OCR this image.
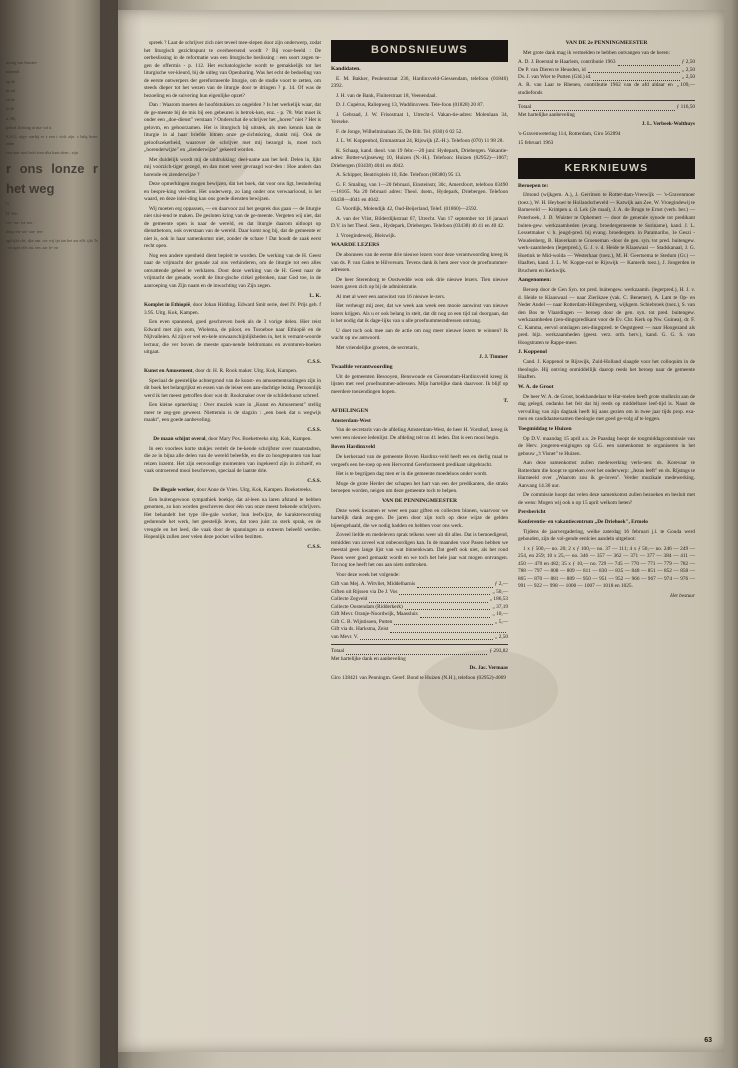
nestig van Amster-

ulanend

op de

in zal

en de

in de

n. Hij

gehad. lichting al ma- taf it.

K.S.G. afge- narbij er s een t vick zijn. s belg bren- onde

een aan- niet heid eten rika kant eken ; zijn

r ons lonze r het weg

G

H. Wa-

ver- sur- tot ten :

ding ren- uit- aar- ien-

agd ijks cht, ijke om. cor wij ijn ian het aar elft. ijkt Te ; en igen elfs las. ien. aar le- en

spreek ? Laat de schrijver zich niet teveel mee-slepen door zijn onderwerp, zodat het liturgisch gezichtspunt te overheersend wordt ? Bij voor-beeld : De oerbeslissing in de reformatie was een liturgische beslissing : een soort zegen te-gen de offermis - p. 112. Het eschatologische wordt te gemakkelijk tot het liturgische ver-kleurd, bij de uitleg van Openbaring. Was het echt de bedoeling van de eerste ontwerpers der gereformeerde liturgie, om de studie voort te zetten, om steeds dieper tot het wezen van de liturgie door te dringen ? p. 14. Of was de bezoeling en de suivering hun eigenlijke opzet?

Dan : Waarom moeten de hoofdstukken zo ongelden ? Is het werkelijk waar, dat de ge-meente bij de mis bij een gebeuren is betrok-ken, enz. - p. 78. Wat moet ik onder een „doe-dienst" verstaan ? Onderschat de schrijver het „horen" niet ? Het is gelovm, en gehoorzamen. Het is liturgisch bij uitstek, als men kennis kan de liturgie in al haar briefde bitnen onze ge-zichtskring, dunkt mij. Ook de geloofszekerheid, waarover de schrijver met mij bezorgd is, moet toch „horenderwijze" en „zienderwijze" gekeerd worden.

Met duidelijk wordt mij de uitdrukking: deel-name aan het heil. Delen in, lijkt mij voorzich-tiger gezegd, en dan moet weer gevraagd wor-den : Hoe anders dan horende en zienderwijze ?

Deze opmerkingen mogen bewijzen, dat het boek, dat voor ons ligt, bestudering en bespre-king verdient. Het onderwerp, zo lang onder ons verwaarloosd, is het waard, en deze inlei-ding kan ons goede diensten bewijzen.

Wij moeten erg oppassen, — en daarvoor zal het gesprek dus gaan — de liturgie niet slui-tend te maken. De gesloten kring van de ge-meente. Vergeten wij niet, dat de gemeente open is naar de wereld, en dat liturgie daarom uitloopt op dienstbetoon, ook overstaan van de wereld. Daar komt nog bij, dat de gemeente er niet is, ook in haar samenkomst niet, zonder de schare ! Dat houdt de zaak eerst recht open.

Nog een andere openheid dient bepleit te worden. De werking van de H. Geest naar de vrijmacht der genade zal ons verhinderen, om de liturgie tot een alles omvattende geheel te verklaren. Door deze werking van de H. Geest naar de vrijmacht der genade, wordt de litur-gische cirkel gebroken, naar God toe, in de aanroeping van Zijn naam en de inwachting van Zijn zegen.

L. K.

Komplet in Ethiopië, door Johan Hidding. Edward Smit serie, deel IV. Prijs geb. f 3.95. Uitg. Kok, Kampen.

Een even spannend, goed geschreven boek als de 3 vorige delen. Hier reist Edward met zijn oom, Wielema, de piloot, en Turoeboe naar Ethiopië en de Nijlvalleien. Al zijn er wel en-kele onwaarschijnlijkheden in, het is vernant-woorde lectuur, die ver boven de meeste span-nende beldromans en avonturen-boeken uitgaat.

C.S.S.

Kunst en Amusement, door dr. H. R. Rook maker. Uitg. Kok, Kampen.

Speciaal de geestelijke achtergrond van de kunst- en amusementsuitingen zijn in dit boek het belangrijkst en essen van de leiser een aan-dachtige lezing. Persoonlijk werd ik het meest getroffen door wat dr. Rookmaker over de schilderkunst schreef.

Een kleine opmerking : Over muziek ware in „Kunst en Amusement" stellig meer te zeg-gen geweest. Niettemin is de slagzin : „een boek dat u wegwijs maakt", een goede aanbeveling.

C.S.S.

De maan schijnt overal, door Mary Pos. Boeketreeks uitg. Kok, Kampen.

In een voorlees korte stukjes vertelt de be-kende schrijfster over maanstadten, die ze in bijna alle delen van de wereld beleefde, en die zo hoogtepunten van haar reizen inzemt. Het zijn eenvoudige momenten van ingekeerd zijn in zichzelf, en vaak ontroerend mooi beschreven, speciaal de laatste drie.

C.S.S.

De illegale werker, door Anne de Vries. Uitg. Kok, Kampen. Boeketreeks.

Een buitengewoon sympathiek boekje, dat al-leen na laren afstand te hebben genomen, zo kon worden geschreven door één van onze meest bekende schrijvers. Het behandelt het type ille-gale worker, hun leefwijze, de karakterworsting gedurende het werk, het geestelijk leven, dat toen juist zo sterk sprak, en de vreugde en het leed, die vaak door de spanningen zo extreem beleefd werden. Hopenlijk zullen zeer velen deze pocket willen bezitten.

C.S.S.

BONDSNIEUWS

Kandidaten.

E. M. Bakker, Peulenstraat 236, Hardinxveld-Giessendam, telefoon (01846) 2392.

J. H. van de Bank, Fluiterstraat 18, Veenendaal.

D. J. Cupérus, Raliepweg 13, Waddinxveen. Tele-foon (01828) 20 87.

J. Gebraad, J. W. Frisostraat 1, Utrecht-I. Vakan-tie-adres: Molenlaan 34, Yerseke.

F. de Jonge, Wilhelminalaan 35, De Bilt. Tel. (030) 6 02 52.

J. L. W. Koppenhol, Emmastraat 24, Rijswijk (Z.-H.). Telefoon (070) 11 98 28.

K. Schaap, kand. theol. van 19 febr.—20 juni: Hydepark, Driebergen. Vakantie-adres: Botter-wijnseweg 10, Huizen (N.-H.). Telefoon: Huizen (02952)—1067; Driebergen (03438) 4041 en 4042.

A. Schipper, Beatrixplein 10, Ede. Telefoon (08380) 95 13.

G. F. Smaling, van 1—20 februari, Einsteinstr, 30c, Amersfoort, telefoon 03490—18165. Na 20 februari adres: Theol. 4sem., Hydepark, Driebergen. Telefoon 03438—4041 en 4042.

G. Voordijk, Molendijk 42, Oud-Beijerland, Telef. (01860)—2592.

A. van der Vlist, Bilderdijkstraat 67, Utrecht. Van 17 september tot 16 januari D.V. in het Theol. Sem., Hydepark, Driebergen. Telefoon (03438) 40 41 en 40 42.

J. Vroegindeweij, Bleiswijk.

WAARDE LEZERS

De abonnees van de eerste drie nieuwe lezers voor deze verantwoording kreeg ik van ds. P. van Galen te Hilversum. Tevens dank ik hem zeer voor de proefnummer-adressen.

De heer Sterenborg te Oostwedde won ook drie nieuwe lezers. Tien nieuwe lezers gaven zich op bij de administratie.

Al met al weer een aanwinst van 16 nieuwe le-zers.

Het verheugt mij zeer, dat we week aan week een mooie aanwinst van nieuwe lezers krijgen. Als u er ook belang in stelt, dat dit nog zo een tijd zal doorgaan, dat is het nodig dat ik dage-lijks van u alle proefnummeradressen ontvang.

U doet toch ook mee aan de actie om nog meer nieuwe lezers te winnen? Ik wacht op uw antwoord.

Met vriendelijke groeten, de secretaris,

J. J. Timmer

Twaalfde verantwoording

Uit de gemeenten Besooyen, Benswoude en Giessendam-Hardinxveld kreeg ik lijsten met veel proefnummer-adressen. Mijn hartelijke dank daarvoor. Ik blijf op meerdere toezendingen hopen.

T.

AFDELINGEN

Amsterdam-West

Van de secretaris van de afdeling Amsterdam-West, de heer H. Vorsthof, kreeg ik weer een nieuwe ledenlijst. De afdeling telt nu 41 leden. Dat is een mooi begin.

Boven Hardinxveld

De kerkeraad van de gemeente Boven Hardinx-veld heeft ees en derlig maal te vergeefs een be-roep op een Hervormd Gereformeerd predikant uitgebracht.

Het is te begrijpen dag men er in die gemeente moedeloos onder wordt.

Moge de grote Herder der schapen het hart van een der predikanten, die straks beroepen worden, neigen om deze gemeente toch te helpen.

VAN DE PENNINGMEESTER

Deze week kwamen er weer een paar giften en collecten binnen, waarvoor we hartelijk dank zeg-gen. De jaren door zijn toch op deze wijze de gelden bijeengehaald, die we nodig hadden en hebben voor ons werk.

Zoveel liefde en medeleven sprak telkens weer uit dit alles. Dat is bemoedigend, temidden van zoveel wat onbeoordigen kan. In de maanden voor Pasen hebben we meestal geen lange lijst van wat binnenkwam. Dat geeft ook niet, als het rond Pasen weer goed gemaakt wordt en we toch het hele jaar wat mogen ontvangen. Tot nog toe heeft het ons aan niets ontbroken.

Voor deze week het volgende:

Gift van Mej. A. Witvliet, Middelharnis	ƒ 2,—
Giften uit Rijssen via De J. Vos	„ 50,—
Collecte Zegveld	„ 186,53
Collecte Oostendam (Ridderkerk)	„ 37,19
Gift Mevr. Oranje-Noordwijk, Maassluis	„ 10,—
Gift C. B. Wijntisoen, Putten	„ 5,—
Gift via ds. Harksma, Zeist
van Mevr. V.	„ 2,50
Totaal	ƒ 293,82

Met hartelijke dank en aanbeveling

Ds. Jac. Vermaas

Giro 138421 van Penningm. Geref. Bond te Huizen (N.H.), telefoon (02952)-4069

VAN DE 2e PENNINGMEESTER

Met grote dank mag ik vermelden te hebben ontvangen van de heren:

A. D. J. Boerstal te Haarlem, contributie 1963	ƒ 2,50
De P. van Dieren te Heusden, id	„ 2,50
Ds. J. van Wier te Putten (Gld.) id.	„ 2,50
A. R. van Laar te Rhenen, contributie 1962 van de afd aldaar en studiefonds
„ 109,—
Totaal	ƒ 116,50

Met hartelijke aanbeveling

J. L. Verbeek-Wolthuys

's-Gravenwetering 114, Rotterdam, Giro 562894

15 februari 1963

KERKNIEUWS

Beroepen te:

IJmond (wijkgem. A.), J. Gerritsen te Rotter-dam-Vreewijk — 's-Gravenmoer (toez.), W. H. Heyboer te Hollandscheveld — Katwijk aan Zee, W. Vroegindewij te Barneveld — Krimpen a. d. Lek (2e maal), J. A. de Brugn te Ernst (verb. ber.) — Puterhoek, J. D. Wuister te Ophemert — door de generale synode tot predikant buiten-gew. werkzaamheden (evang. broedergemeente te Suriname), kand. J. L. Lessetmaker v. h. jeugd-pred. bij evang. broedergem. in Paramaribo, 1e Geszi - Woudenberg, B. Haverkam te Groeneman -door de gen. syn. tot pred. buitengew. werk-zaamheden (legerpred.), G. J. v. d. Heide te Klaaswaal — Stadskanaal, J. G. Huetink te Mid-wolda — Westerhaar (toez.), M. H. Geertsema te Stedum (Gr.) — Haaften, kand. J. L. W. Koppe-nol te Rijswijk — Kamerik toez.), J. Jongerden te Bruchem en Kerkwijk.

Aangenomen:

Beroep door de Gen Syn. tot pred. buitengew. werkzaamh. (legerpred.), H. J. v. d. Heide te Klaaswaal — naar Zierikzee (vak. C. Benemer), A. Lam te Op- en Neder Andel — naar Rotterdam-Hillegersberg, wijkgem. Schiebroek (toez.), S. van den Bos te Vlaardingen — beroep door de gen. syn. tot pred. buitengew. werkzaamheden (zen-dingspredikant voor de Ev. Chr. Kerk op Nw. Guinea), dr. F. C. Kamma, eervol ontslagen zen-dingspred. te Oegstgeest — naar Hoogezand als pred. bijz. werkzaamheden (geest. verz. orth. herv.), kand. G. G. S. van Hoogstraten te Rappe-meer.

J. Koppenol

Cand. J. Koppenol te Rijswijk, Zuid-Holland slaagde voor het colloquim in de theologie. Hij ontving onmiddellijk daarop reeds het beroep naar de gemeente Haaften.

W. A. de Groot

De heer W. A. de Groot, boekhandelaar te Har-melen heeft grote studiezin aan de dag gelegd, ondanks het feit dat hij reeds op middelbare leef-tijd is. Naast de vervulling van zijn dagtaak heeft hij aans gezien om in twee jaar tijds prop. exa-men en candidaatsexamen theologie met goed ge-volg af te leggen.

Toegmiddag te Huizen

Op D.V. maandag 15 april a.s. 2e Paasdag hoopt de toogmiddagcommissie van de Herv. jongeren-enigingen op G.G. een samenkomst te organiseren in het gebouw „'t Visnet" te Huizen.

Aan deze samenkomst zullen medewerking verle-nen: ds. Korevaar te Rotterdam die hoopt te spreken over het onderwerp: „Jezus leeft" en ds. Rijstngs te Harmeeld over „Waarom zou ik ge-loven". Verder muzikale medewerking. Aanvang 14.30 uur.

De commissie hoopt dat velen deze samenkomst zullen bezoeken en besluit met de wens: Mogen wij ook u op 15 april welkom heten?

Persbericht

Konferentie- en vakantiecentrum „De Driehoek", Ermelo

Tijdens de jaarvergadering, welke zaterdag 16 februari j.l. te Gouda werd gehouden, zijn de vol-gende eenlcies aandeln uitgeloot:

1 x ƒ 500,— no. 20; 2 x ƒ 100,— no. 37 — 111; 4 x ƒ 50,— no. 246 — 249 — 254, en 259; 10 x 25,— no. 346 — 357 — 362 — 371 — 377 — 384 — 411 — 450 — 470 en 482; 35 x ƒ 10,— no. 729 — 745 — 770 — 771 — 779 — 782 — 788 — 797 — 808 — 809 — 811 — 830 — 835 — 848 — 851 — 852 — 858 — 865 — 870 — 881 — 889 — 950 — 951 — 952 — 966 — 967 — 974 — 976 — 991 — 922 — 998 — 1000 — 1007 — 1018 en 1025.

Het bestuur

63
